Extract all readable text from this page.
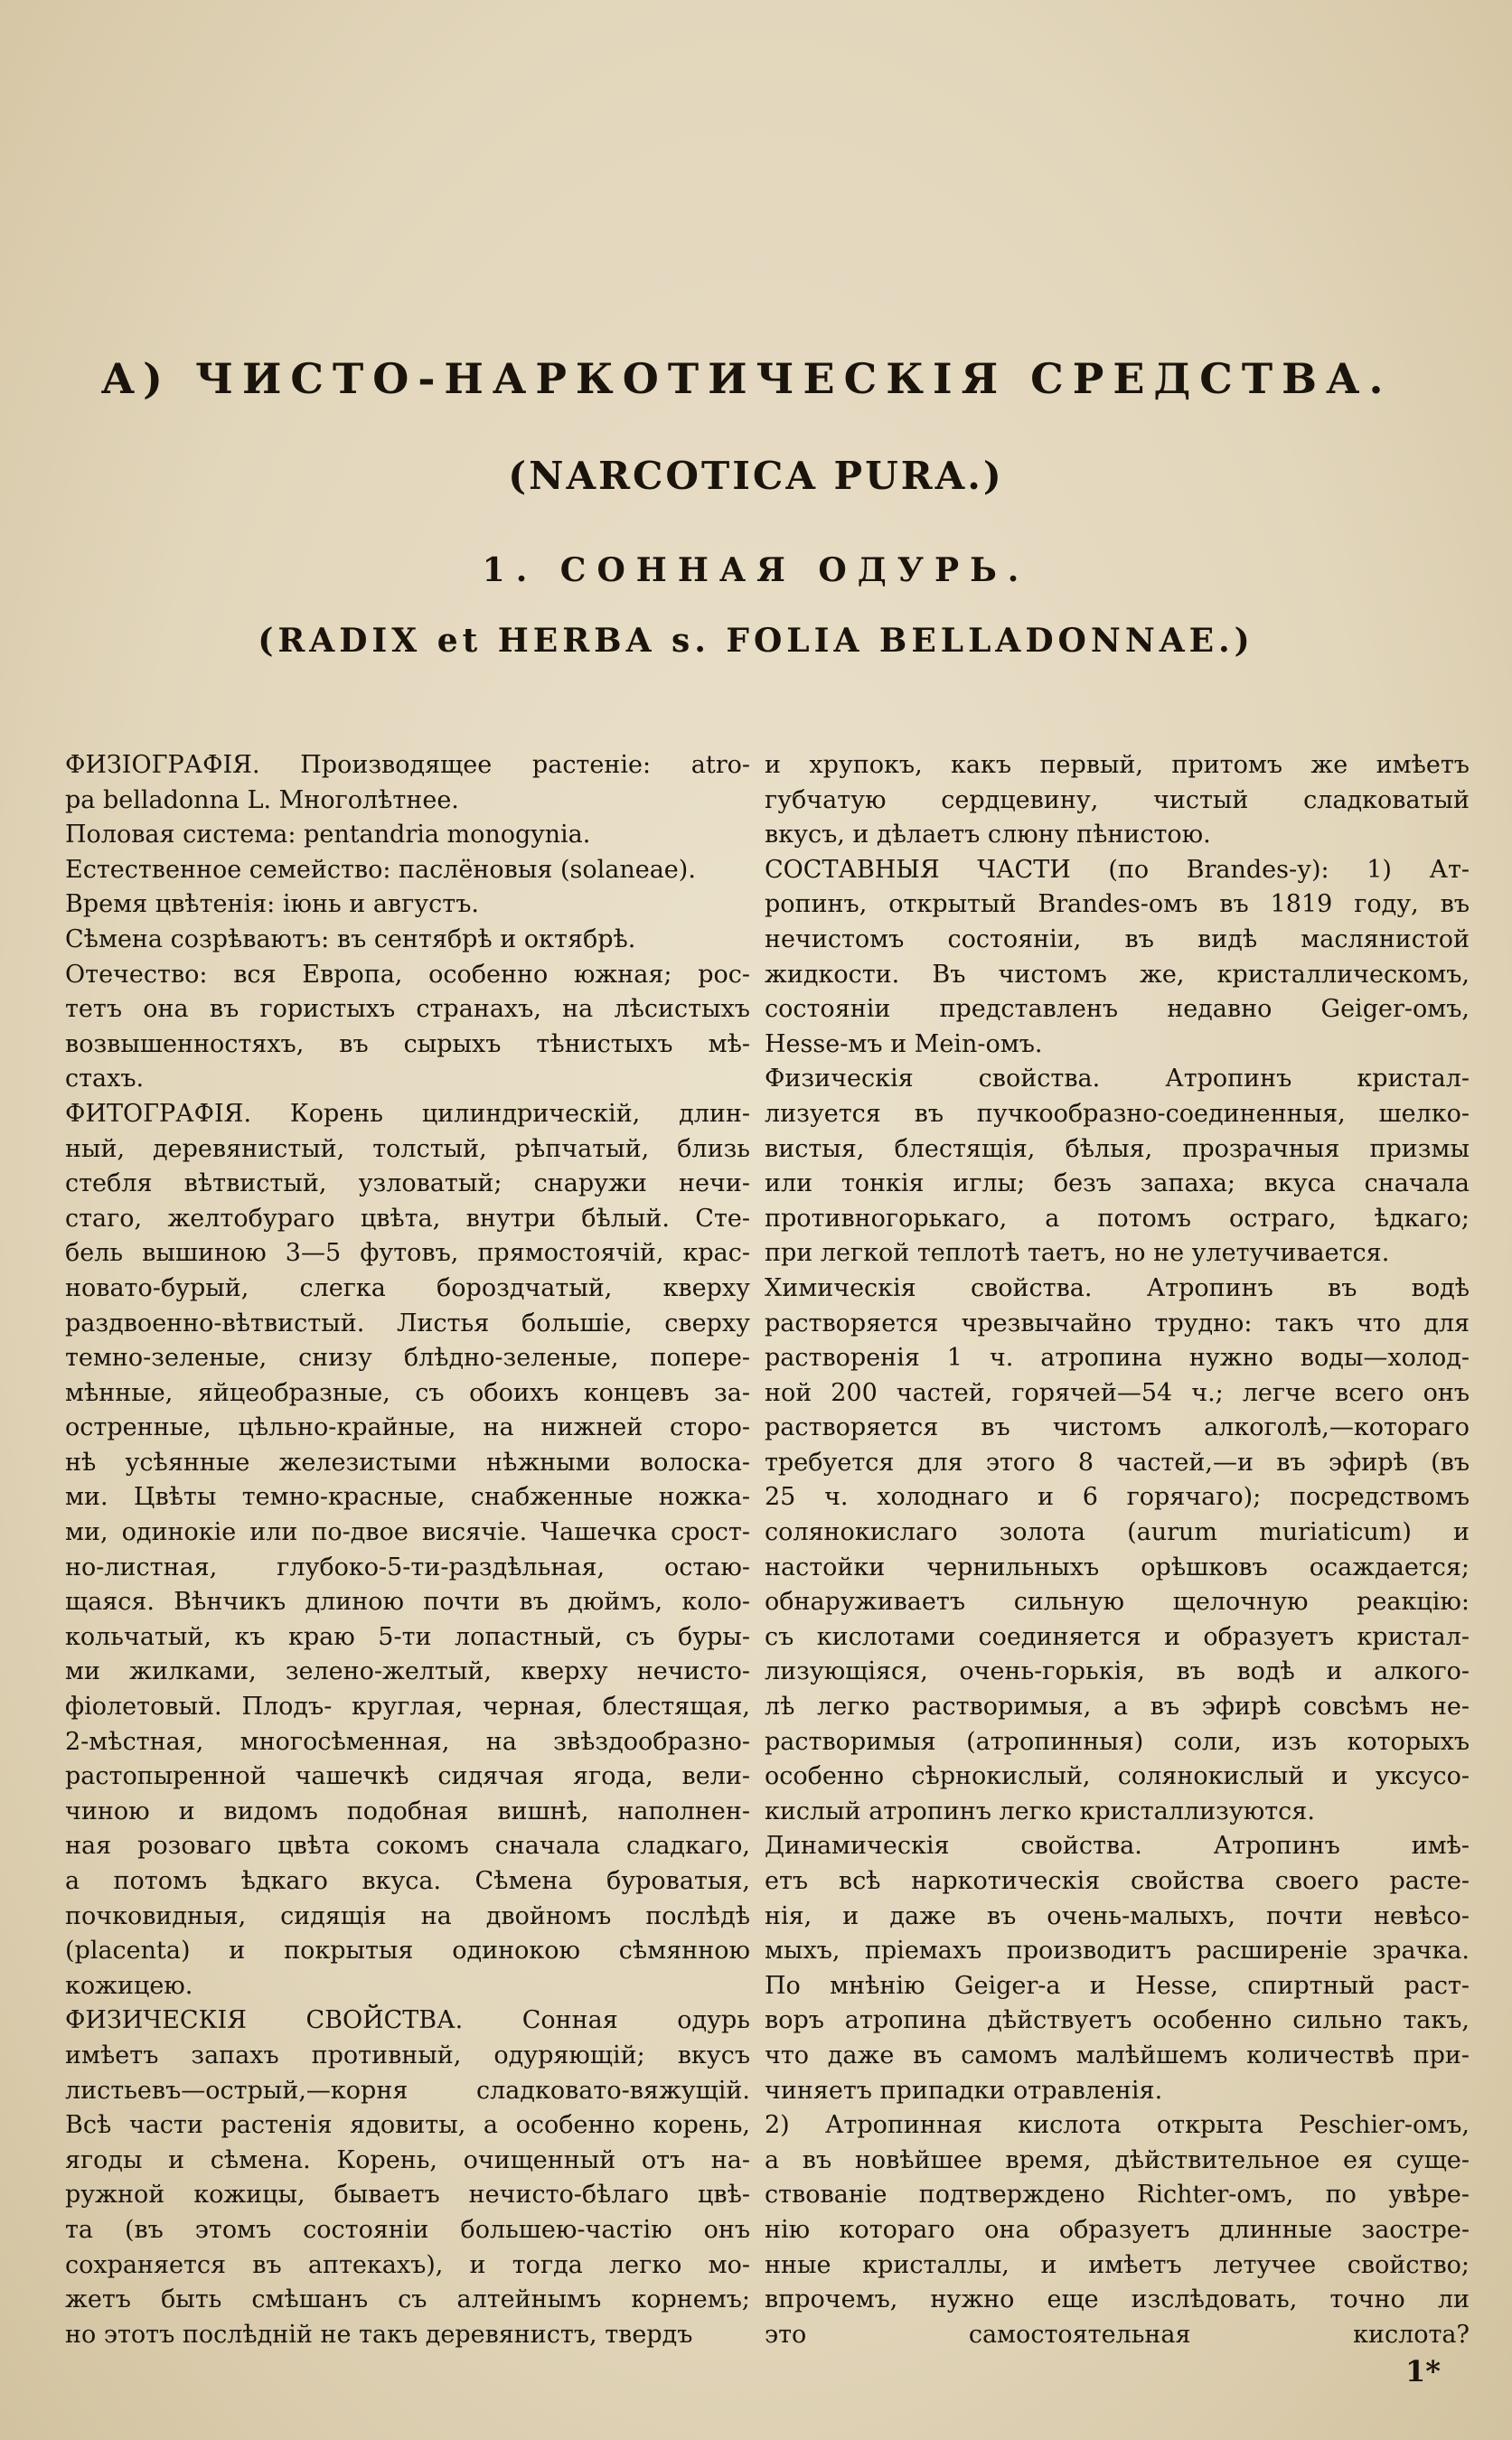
A) ЧИСТО-НАРКОТИЧЕСКІЯ СРЕДСТВА.
(NARCOTICA PURA.)
1. СОННАЯ ОДУРЬ.
(RADIX et HERBA s. FOLIA BELLADONNAE.)
ФИЗІОГРАФІЯ. Производящее растеніе: atro-
pa belladonna L. Многолѣтнее.
Половая система: pentandria monogynia.
Естественное семейство: паслёновыя (solaneae).
Время цвѣтенія: іюнь и августъ.
Сѣмена созрѣваютъ: въ сентябрѣ и октябрѣ.
Отечество: вся Европа, особенно южная; рос-
тетъ она въ гористыхъ странахъ, на лѣсистыхъ
возвышенностяхъ, въ сырыхъ тѣнистыхъ мѣ-
стахъ.
ФИТОГРАФІЯ. Корень цилиндрическій, длин-
ный, деревянистый, толстый, рѣпчатый, близь
стебля вѣтвистый, узловатый; снаружи нечи-
стаго, желтобураго цвѣта, внутри бѣлый. Сте-
бель вышиною 3—5 футовъ, прямостоячій, крас-
новато-бурый, слегка бороздчатый, кверху
раздвоенно-вѣтвистый. Листья большіе, сверху
темно-зеленые, снизу блѣдно-зеленые, попере-
мѣнные, яйцеобразные, съ обоихъ концевъ за-
остренные, цѣльно-крайные, на нижней сторо-
нѣ усѣянные железистыми нѣжными волоска-
ми. Цвѣты темно-красные, снабженные ножка-
ми, одинокіе или по-двое висячіе. Чашечка срост-
но-листная, глубоко-5-ти-раздѣльная, остаю-
щаяся. Вѣнчикъ длиною почти въ дюймъ, коло-
кольчатый, къ краю 5-ти лопастный, съ буры-
ми жилками, зелено-желтый, кверху нечисто-
фіолетовый. Плодъ- круглая, черная, блестящая,
2-мѣстная, многосѣменная, на звѣздообразно-
растопыренной чашечкѣ сидячая ягода, вели-
чиною и видомъ подобная вишнѣ, наполнен-
ная розоваго цвѣта сокомъ сначала сладкаго,
а потомъ ѣдкаго вкуса. Сѣмена буроватыя,
почковидныя, сидящія на двойномъ послѣдѣ
(placenta) и покрытыя одинокою сѣмянною
кожицею.
ФИЗИЧЕСКІЯ СВОЙСТВА. Сонная одурь
имѣетъ запахъ противный, одуряющій; вкусъ
листьевъ—острый,—корня сладковато-вяжущій.
Всѣ части растенія ядовиты, а особенно корень,
ягоды и сѣмена. Корень, очищенный отъ на-
ружной кожицы, бываетъ нечисто-бѣлаго цвѣ-
та (въ этомъ состояніи большею-частію онъ
сохраняется въ аптекахъ), и тогда легко мо-
жетъ быть смѣшанъ съ алтейнымъ корнемъ;
но этотъ послѣдній не такъ деревянистъ, твердъ
и хрупокъ, какъ первый, притомъ же имѣетъ
губчатую сердцевину, чистый сладковатый
вкусъ, и дѣлаетъ слюну пѣнистою.
СОСТАВНЫЯ ЧАСТИ (по Brandes-у): 1) Ат-
ропинъ, открытый Brandes-омъ въ 1819 году, въ
нечистомъ состояніи, въ видѣ маслянистой
жидкости. Въ чистомъ же, кристаллическомъ,
состояніи представленъ недавно Geiger-омъ,
Hesse-мъ и Mein-омъ.
Физическія свойства. Атропинъ кристал-
лизуется въ пучкообразно-соединенныя, шелко-
вистыя, блестящія, бѣлыя, прозрачныя призмы
или тонкія иглы; безъ запаха; вкуса сначала
противногорькаго, а потомъ остраго, ѣдкаго;
при легкой теплотѣ таетъ, но не улетучивается.
Химическія свойства. Атропинъ въ водѣ
растворяется чрезвычайно трудно: такъ что для
растворенія 1 ч. атропина нужно воды—холод-
ной 200 частей, горячей—54 ч.; легче всего онъ
растворяется въ чистомъ алкоголѣ,—котораго
требуется для этого 8 частей,—и въ эфирѣ (въ
25 ч. холоднаго и 6 горячаго); посредствомъ
солянокислаго золота (aurum muriaticum) и
настойки чернильныхъ орѣшковъ осаждается;
обнаруживаетъ сильную щелочную реакцію:
съ кислотами соединяется и образуетъ кристал-
лизующіяся, очень-горькія, въ водѣ и алкого-
лѣ легко растворимыя, а въ эфирѣ совсѣмъ не-
растворимыя (атропинныя) соли, изъ которыхъ
особенно сѣрнокислый, солянокислый и уксусо-
кислый атропинъ легко кристаллизуются.
Динамическія свойства. Атропинъ имѣ-
етъ всѣ наркотическія свойства своего расте-
нія, и даже въ очень-малыхъ, почти невѣсо-
мыхъ, пріемахъ производитъ расширеніе зрачка.
По мнѣнію Geiger-а и Hesse, спиртный раст-
воръ атропина дѣйствуетъ особенно сильно такъ,
что даже въ самомъ малѣйшемъ количествѣ при-
чиняетъ припадки отравленія.
2) Атропинная кислота открыта Peschier-омъ,
а въ новѣйшее время, дѣйствительное ея суще-
ствованіе подтверждено Richter-омъ, по увѣре-
нію котораго она образуетъ длинные заостре-
нные кристаллы, и имѣетъ летучее свойство;
впрочемъ, нужно еще изслѣдовать, точно ли
это самостоятельная кислота?
1*
